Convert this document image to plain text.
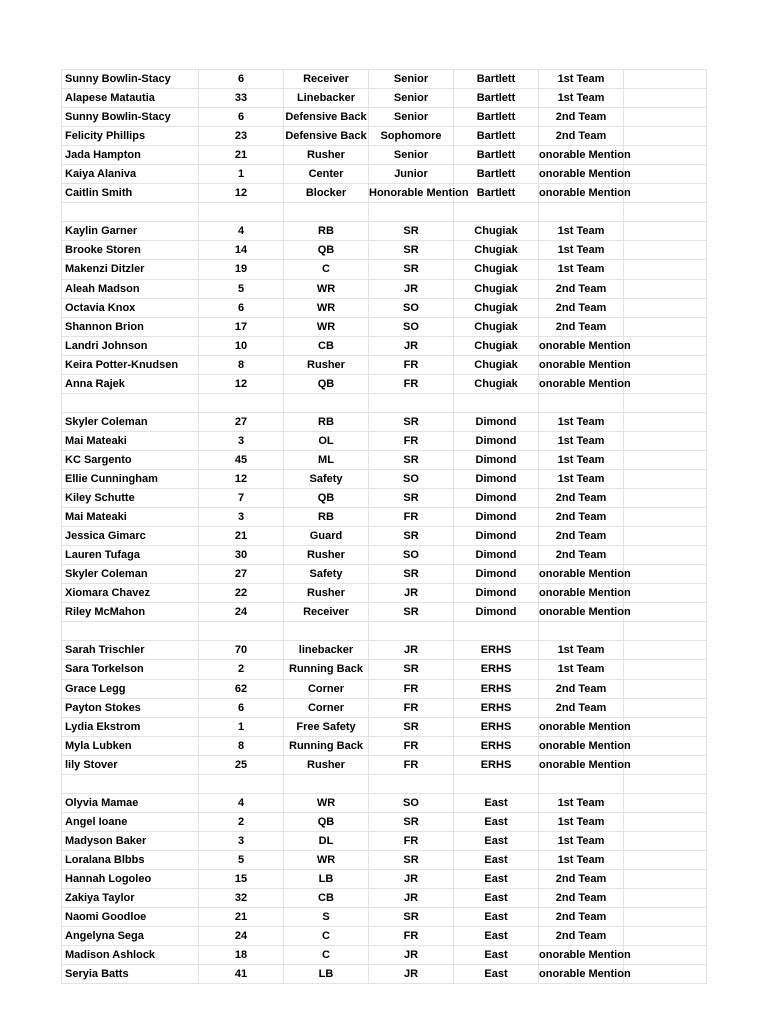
Sunny Bowlin-Stacy	6	Receiver	Senior	Bartlett	1st Team	
Alapese Matautia	33	Linebacker	Senior	Bartlett	1st Team	
Sunny Bowlin-Stacy	6	Defensive Back	Senior	Bartlett	2nd Team	
Felicity Phillips	23	Defensive Back	Sophomore	Bartlett	2nd Team	
Jada Hampton	21	Rusher	Senior	Bartlett	onorable Mention	
Kaiya Alaniva	1	Center	Junior	Bartlett	onorable Mention	
Caitlin Smith	12	Blocker	Honorable Mention	Bartlett	onorable Mention	

Kaylin Garner	4	RB	SR	Chugiak	1st Team	
Brooke Storen	14	QB	SR	Chugiak	1st Team	
Makenzi Ditzler	19	C	SR	Chugiak	1st Team	
Aleah Madson	5	WR	JR	Chugiak	2nd Team	
Octavia Knox	6	WR	SO	Chugiak	2nd Team	
Shannon Brion	17	WR	SO	Chugiak	2nd Team	
Landri Johnson	10	CB	JR	Chugiak	onorable Mention	
Keira Potter-Knudsen	8	Rusher	FR	Chugiak	onorable Mention	
Anna Rajek	12	QB	FR	Chugiak	onorable Mention	

Skyler Coleman	27	RB	SR	Dimond	1st Team	
Mai Mateaki	3	OL	FR	Dimond	1st Team	
KC Sargento	45	ML	SR	Dimond	1st Team	
Ellie Cunningham	12	Safety	SO	Dimond	1st Team	
Kiley Schutte	7	QB	SR	Dimond	2nd Team	
Mai Mateaki	3	RB	FR	Dimond	2nd Team	
Jessica Gimarc	21	Guard	SR	Dimond	2nd Team	
Lauren Tufaga	30	Rusher	SO	Dimond	2nd Team	
Skyler Coleman	27	Safety	SR	Dimond	onorable Mention	
Xiomara Chavez	22	Rusher	JR	Dimond	onorable Mention	
Riley McMahon	24	Receiver	SR	Dimond	onorable Mention	

Sarah Trischler	70	linebacker	JR	ERHS	1st Team	
Sara Torkelson	2	Running Back	SR	ERHS	1st Team	
Grace Legg	62	Corner	FR	ERHS	2nd Team	
Payton Stokes	6	Corner	FR	ERHS	2nd Team	
Lydia Ekstrom	1	Free Safety	SR	ERHS	onorable Mention	
Myla Lubken	8	Running Back	FR	ERHS	onorable Mention	
lily Stover	25	Rusher	FR	ERHS	onorable Mention	

Olyvia Mamae	4	WR	SO	East	1st Team	
Angel Ioane	2	QB	SR	East	1st Team	
Madyson Baker	3	DL	FR	East	1st Team	
Loralana Blbbs	5	WR	SR	East	1st Team	
Hannah Logoleo	15	LB	JR	East	2nd Team	
Zakiya Taylor	32	CB	JR	East	2nd Team	
Naomi Goodloe	21	S	SR	East	2nd Team	
Angelyna Sega	24	C	FR	East	2nd Team	
Madison Ashlock	18	C	JR	East	onorable Mention	
Seryia Batts	41	LB	JR	East	onorable Mention	
